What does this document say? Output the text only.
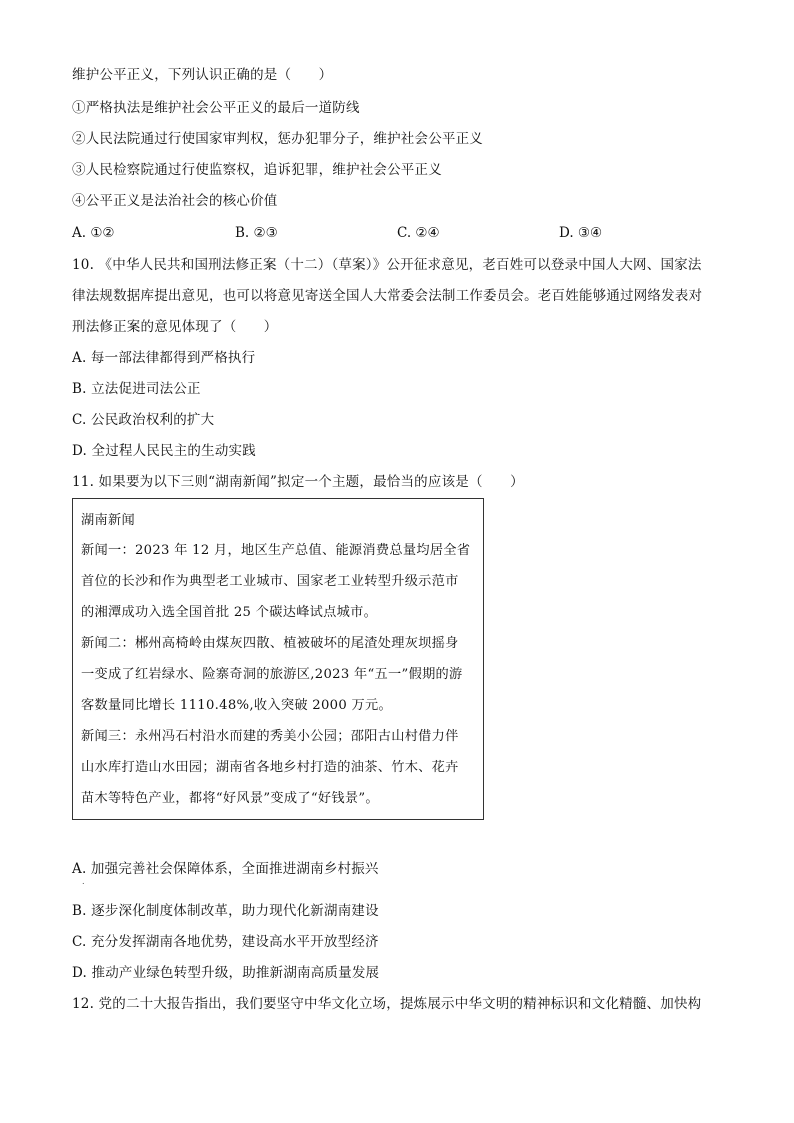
维护公平正义，下列认识正确的是（　　）
①严格执法是维护社会公平正义的最后一道防线
②人民法院通过行使国家审判权，惩办犯罪分子，维护社会公平正义
③人民检察院通过行使监察权，追诉犯罪，维护社会公平正义
④公平正义是法治社会的核心价值
A. ①②	B. ②③	C. ②④	D. ③④
10. 《中华人民共和国刑法修正案（十二）（草案）》公开征求意见，老百姓可以登录中国人大网、国家法
律法规数据库提出意见，也可以将意见寄送全国人大常委会法制工作委员会。老百姓能够通过网络发表对
刑法修正案的意见体现了（　　）
A. 每一部法律都得到严格执行
B. 立法促进司法公正
C. 公民政治权利的扩大
D. 全过程人民民主的生动实践
11. 如果要为以下三则“湖南新闻”拟定一个主题，最恰当的应该是（　　）
湖南新闻
新闻一：2023 年 12 月，地区生产总值、能源消费总量均居全省
首位的长沙和作为典型老工业城市、国家老工业转型升级示范市
的湘潭成功入选全国首批 25 个碳达峰试点城市。
新闻二：郴州高椅岭由煤灰四散、植被破坏的尾渣处理灰坝摇身
一变成了红岩绿水、险寨奇洞的旅游区,2023 年“五一”假期的游
客数量同比增长 1110.48%,收入突破 2000 万元。
新闻三：永州冯石村沿水而建的秀美小公园；邵阳古山村借力伴
山水库打造山水田园；湖南省各地乡村打造的油茶、竹木、花卉
苗木等特色产业，都将“好风景”变成了“好钱景”。
A. 加强完善社会保障体系，全面推进湖南乡村振兴
.
B. 逐步深化制度体制改革，助力现代化新湖南建设
C. 充分发挥湖南各地优势，建设高水平开放型经济
D. 推动产业绿色转型升级，助推新湖南高质量发展
12. 党的二十大报告指出，我们要坚守中华文化立场，提炼展示中华文明的精神标识和文化精髓、加快构
